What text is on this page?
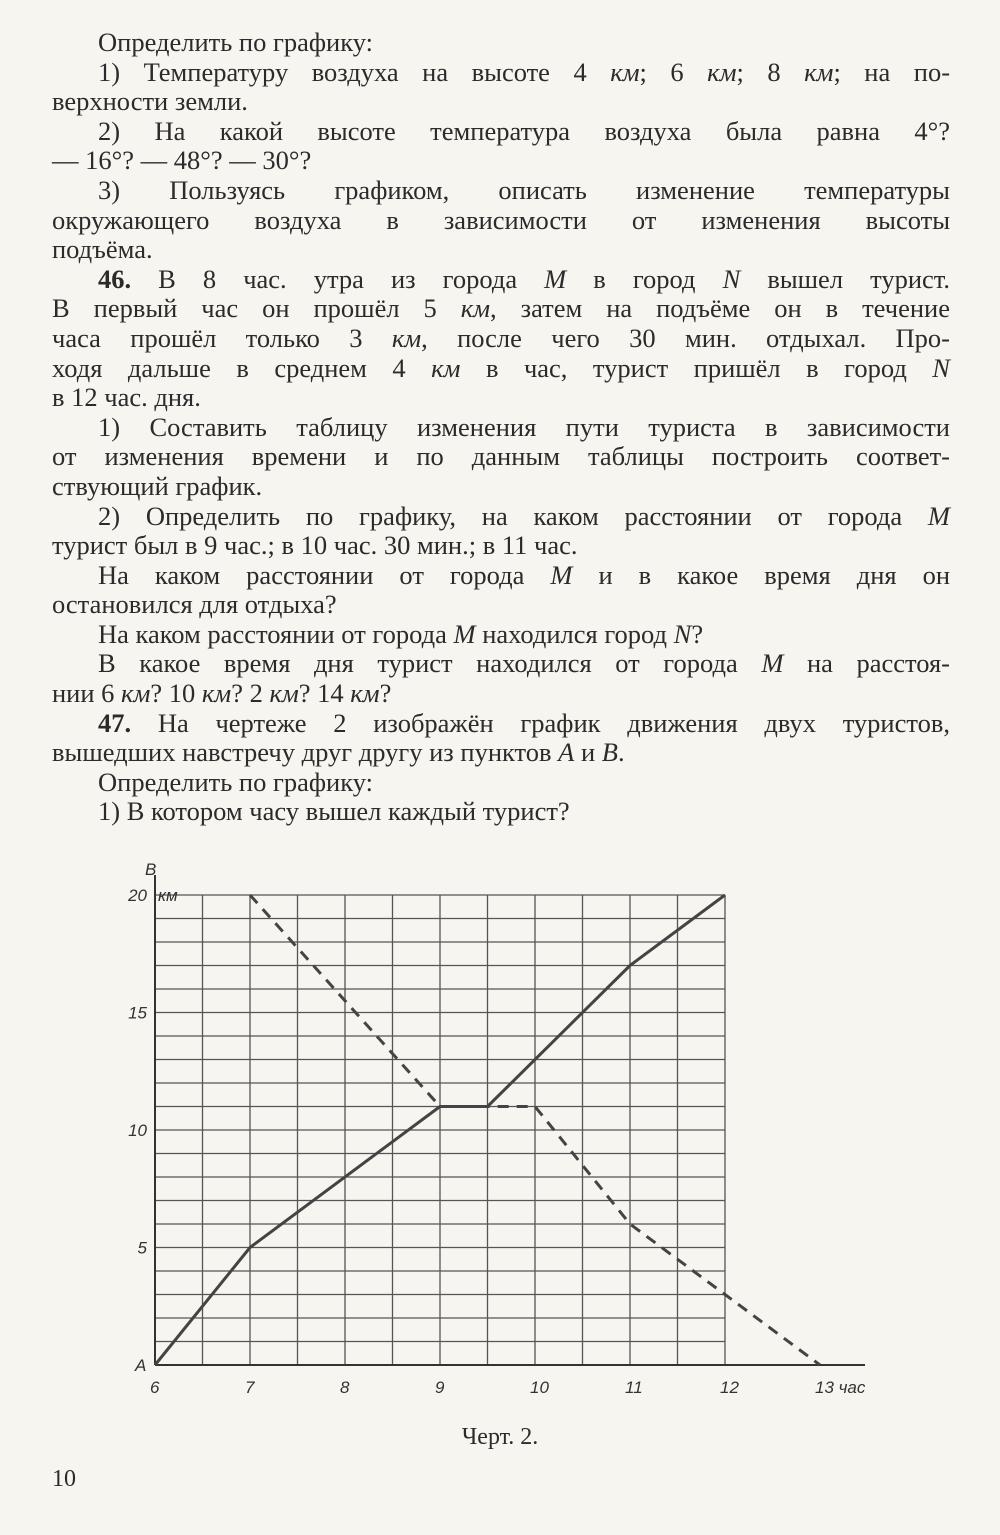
Определить по графику:

1) Температуру воздуха на высоте 4 км; 6 км; 8 км; на по-

верхности земли.

2) На какой высоте температура воздуха была равна 4°?

— 16°? — 48°? — 30°?

3) Пользуясь графиком, описать изменение температуры

окружающего воздуха в зависимости от изменения высоты

подъёма.

46. В 8 час. утра из города M в город N вышел турист.

В первый час он прошёл 5 км, затем на подъёме он в течение

часа прошёл только 3 км, после чего 30 мин. отдыхал. Про-

ходя дальше в среднем 4 км в час, турист пришёл в город N

в 12 час. дня.

1) Составить таблицу изменения пути туриста в зависимости

от изменения времени и по данным таблицы построить соответ-

ствующий график.

2) Определить по графику, на каком расстоянии от города M

турист был в 9 час.; в 10 час. 30 мин.; в 11 час.

На каком расстоянии от города M и в какое время дня он

остановился для отдыха?

На каком расстоянии от города M находился город N?

В какое время дня турист находился от города M на расстоя-

нии 6 км? 10 км? 2 км? 14 км?

47. На чертеже 2 изображён график движения двух туристов,

вышедших навстречу друг другу из пунктов A и B.

Определить по графику:

1) В котором часу вышел каждый турист?

6	7	8	9	10	11	12	13 час
5
10
15
20 км
B
A
Черт. 2.
10
